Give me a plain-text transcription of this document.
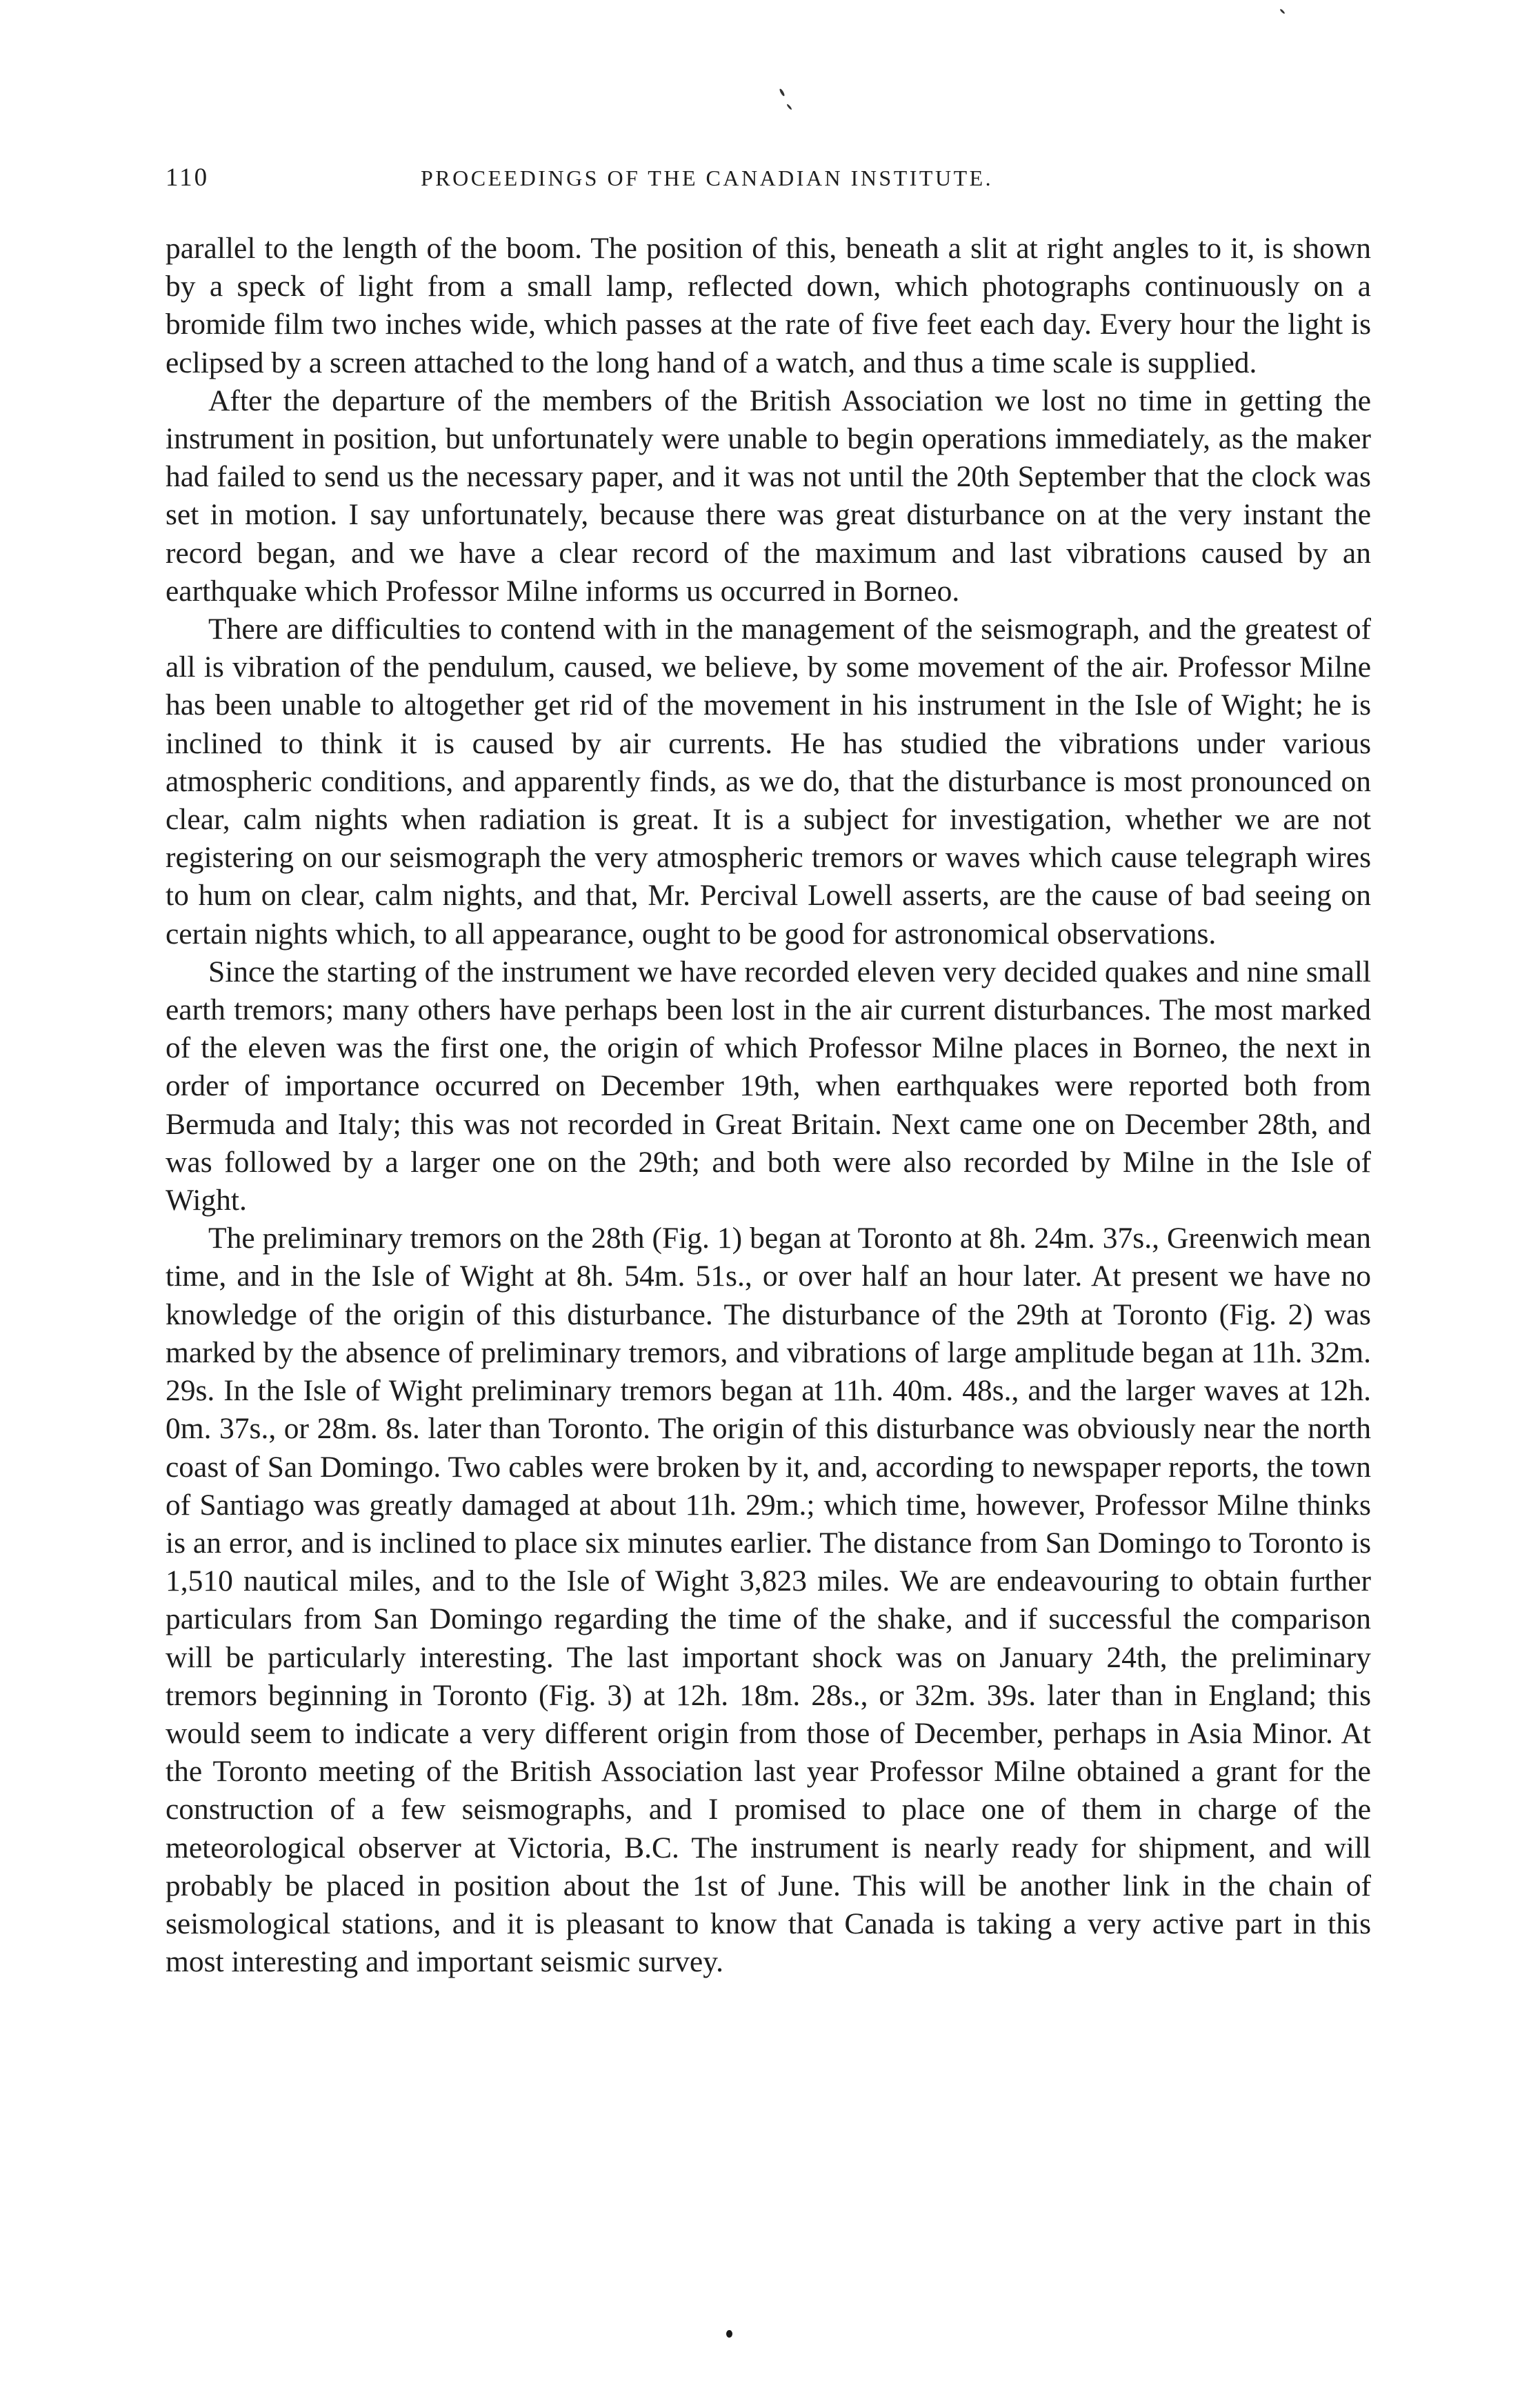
110	PROCEEDINGS OF THE CANADIAN INSTITUTE.

parallel to the length of the boom. The position of this, beneath a slit at right angles to it, is shown by a speck of light from a small lamp, reflected down, which photographs continuously on a bromide film two inches wide, which passes at the rate of five feet each day. Every hour the light is eclipsed by a screen attached to the long hand of a watch, and thus a time scale is supplied.

After the departure of the members of the British Association we lost no time in getting the instrument in position, but unfortunately were unable to begin operations immediately, as the maker had failed to send us the necessary paper, and it was not until the 20th September that the clock was set in motion. I say unfortunately, because there was great disturbance on at the very instant the record began, and we have a clear record of the maximum and last vibrations caused by an earthquake which Professor Milne informs us occurred in Borneo.

There are difficulties to contend with in the management of the seismograph, and the greatest of all is vibration of the pendulum, caused, we believe, by some movement of the air. Professor Milne has been unable to altogether get rid of the movement in his instrument in the Isle of Wight; he is inclined to think it is caused by air currents. He has studied the vibrations under various atmospheric conditions, and apparently finds, as we do, that the disturbance is most pronounced on clear, calm nights when radiation is great. It is a subject for investigation, whether we are not registering on our seismograph the very atmospheric tremors or waves which cause telegraph wires to hum on clear, calm nights, and that, Mr. Percival Lowell asserts, are the cause of bad seeing on certain nights which, to all appearance, ought to be good for astronomical observations.

Since the starting of the instrument we have recorded eleven very decided quakes and nine small earth tremors; many others have perhaps been lost in the air current disturbances. The most marked of the eleven was the first one, the origin of which Professor Milne places in Borneo, the next in order of importance occurred on December 19th, when earthquakes were reported both from Bermuda and Italy; this was not recorded in Great Britain. Next came one on December 28th, and was followed by a larger one on the 29th; and both were also recorded by Milne in the Isle of Wight.

The preliminary tremors on the 28th (Fig. 1) began at Toronto at 8h. 24m. 37s., Greenwich mean time, and in the Isle of Wight at 8h. 54m. 51s., or over half an hour later. At present we have no knowledge of the origin of this disturbance. The disturbance of the 29th at Toronto (Fig. 2) was marked by the absence of preliminary tremors, and vibrations of large amplitude began at 11h. 32m. 29s. In the Isle of Wight preliminary tremors began at 11h. 40m. 48s., and the larger waves at 12h. 0m. 37s., or 28m. 8s. later than Toronto. The origin of this disturbance was obviously near the north coast of San Domingo. Two cables were broken by it, and, according to newspaper reports, the town of Santiago was greatly damaged at about 11h. 29m.; which time, however, Professor Milne thinks is an error, and is inclined to place six minutes earlier. The distance from San Domingo to Toronto is 1,510 nautical miles, and to the Isle of Wight 3,823 miles. We are endeavouring to obtain further particulars from San Domingo regarding the time of the shake, and if successful the comparison will be particularly interesting. The last important shock was on January 24th, the preliminary tremors beginning in Toronto (Fig. 3) at 12h. 18m. 28s., or 32m. 39s. later than in England; this would seem to indicate a very different origin from those of December, perhaps in Asia Minor. At the Toronto meeting of the British Association last year Professor Milne obtained a grant for the construction of a few seismographs, and I promised to place one of them in charge of the meteorological observer at Victoria, B.C. The instrument is nearly ready for shipment, and will probably be placed in position about the 1st of June. This will be another link in the chain of seismological stations, and it is pleasant to know that Canada is taking a very active part in this most interesting and important seismic survey.
